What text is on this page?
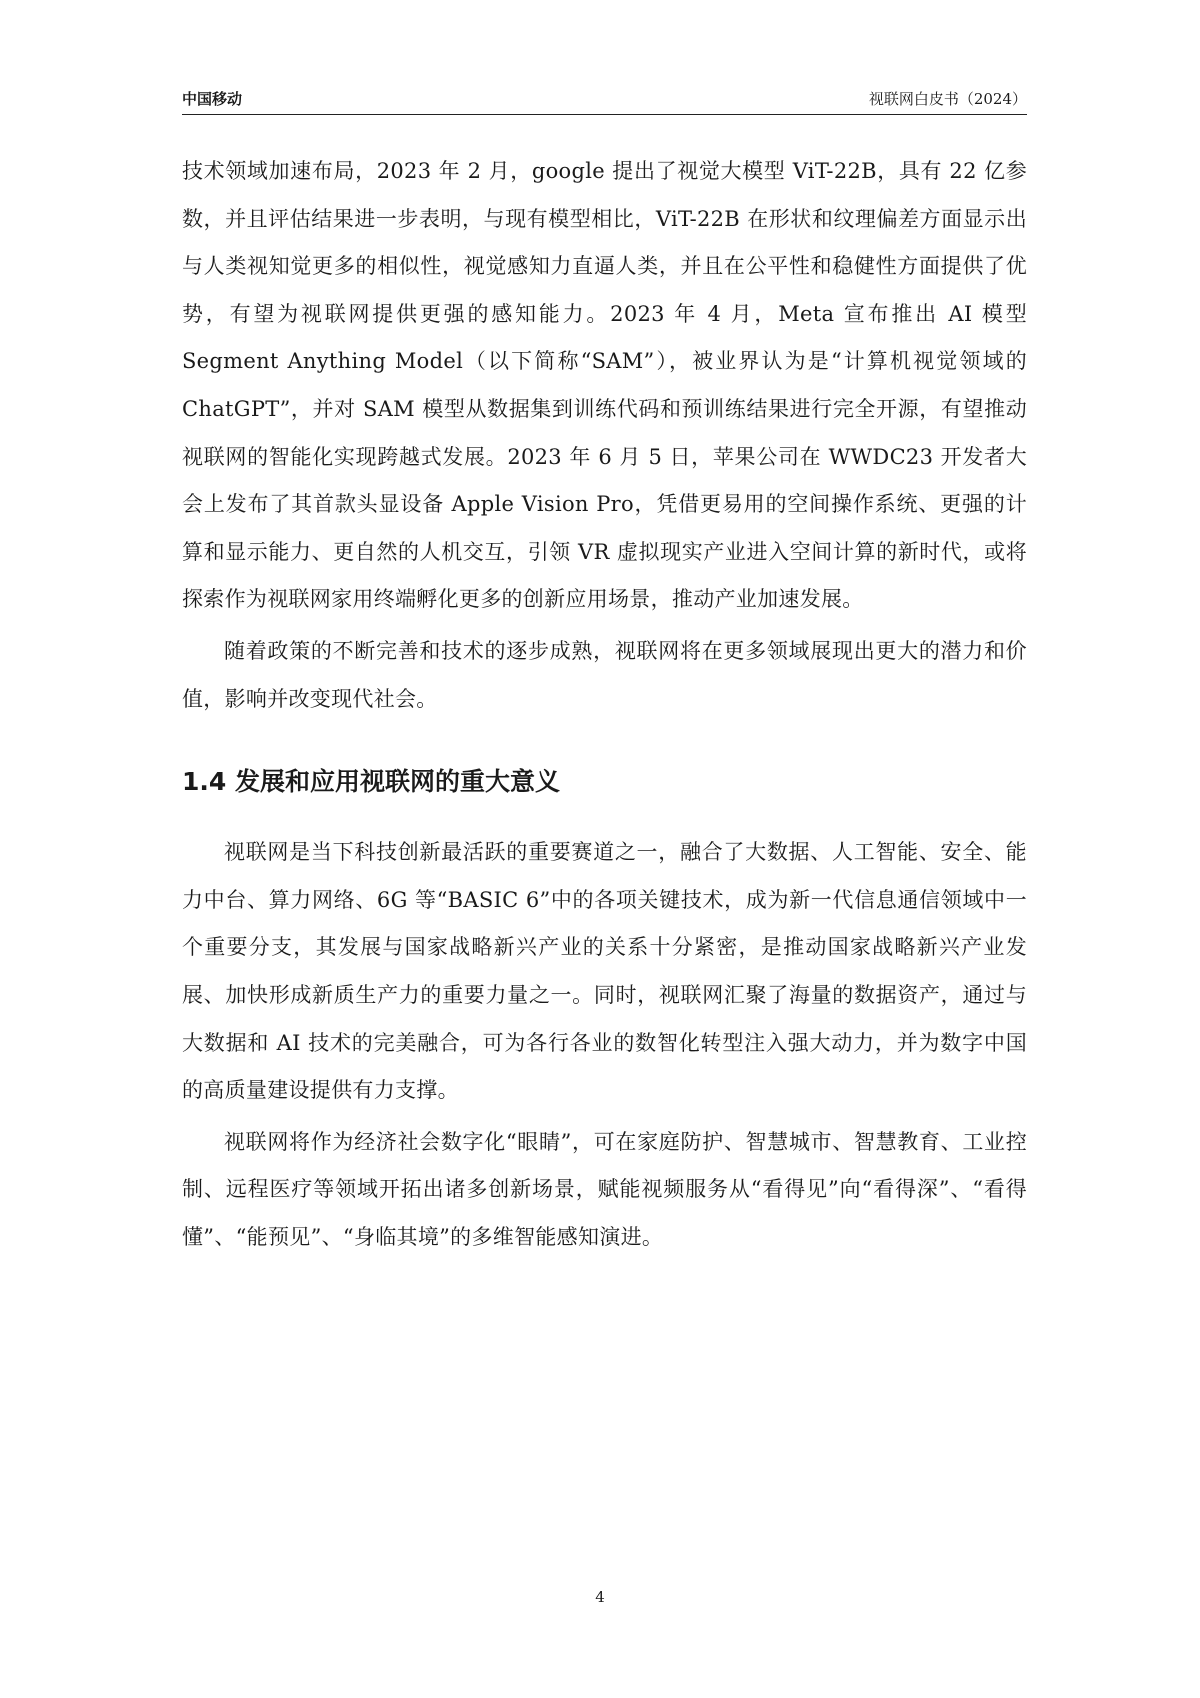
中国移动	视联网白皮书（2024）

技术领域加速布局，2023 年 2 月，google 提出了视觉大模型 ViT-22B，具有 22 亿参数，并且评估结果进一步表明，与现有模型相比，ViT-22B 在形状和纹理偏差方面显示出与人类视知觉更多的相似性，视觉感知力直逼人类，并且在公平性和稳健性方面提供了优势，有望为视联网提供更强的感知能力。2023 年 4 月，Meta 宣布推出 AI 模型 Segment Anything Model（以下简称“SAM”），被业界认为是“计算机视觉领域的 ChatGPT”，并对 SAM 模型从数据集到训练代码和预训练结果进行完全开源，有望推动视联网的智能化实现跨越式发展。2023 年 6 月 5 日，苹果公司在 WWDC23 开发者大会上发布了其首款头显设备 Apple Vision Pro，凭借更易用的空间操作系统、更强的计算和显示能力、更自然的人机交互，引领 VR 虚拟现实产业进入空间计算的新时代，或将探索作为视联网家用终端孵化更多的创新应用场景，推动产业加速发展。

随着政策的不断完善和技术的逐步成熟，视联网将在更多领域展现出更大的潜力和价值，影响并改变现代社会。

1.4 发展和应用视联网的重大意义

视联网是当下科技创新最活跃的重要赛道之一，融合了大数据、人工智能、安全、能力中台、算力网络、6G 等“BASIC 6”中的各项关键技术，成为新一代信息通信领域中一个重要分支，其发展与国家战略新兴产业的关系十分紧密，是推动国家战略新兴产业发展、加快形成新质生产力的重要力量之一。同时，视联网汇聚了海量的数据资产，通过与大数据和 AI 技术的完美融合，可为各行各业的数智化转型注入强大动力，并为数字中国的高质量建设提供有力支撑。

视联网将作为经济社会数字化“眼睛”，可在家庭防护、智慧城市、智慧教育、工业控制、远程医疗等领域开拓出诸多创新场景，赋能视频服务从“看得见”向“看得深”、“看得懂”、“能预见”、“身临其境”的多维智能感知演进。

4
